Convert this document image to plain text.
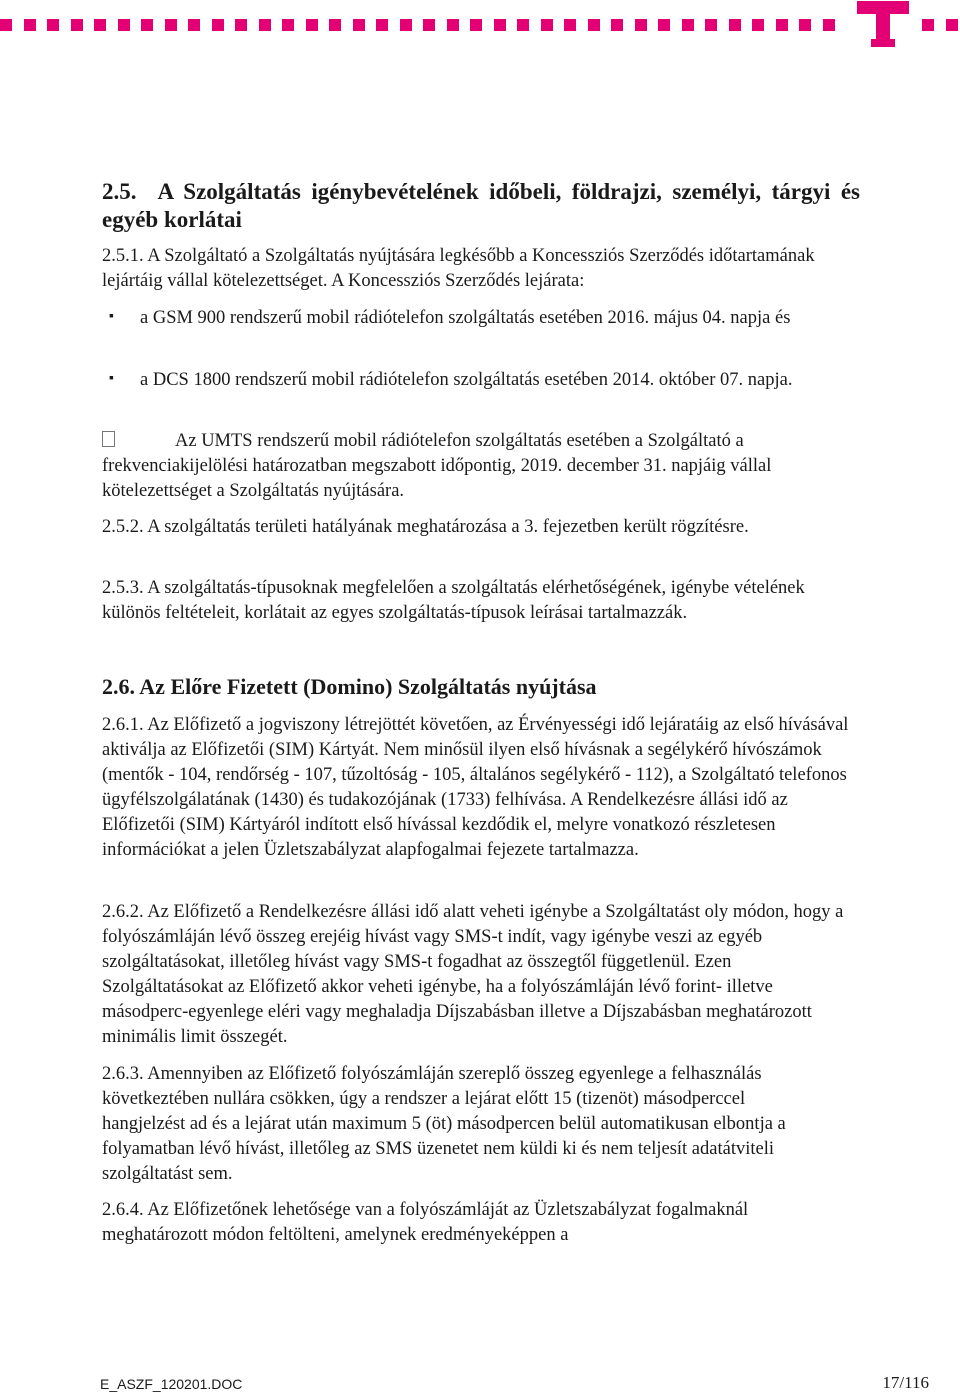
2.5. A Szolgáltatás igénybevételének időbeli, földrajzi, személyi, tárgyi és egyéb korlátai

2.5.1. A Szolgáltató a Szolgáltatás nyújtására legkésőbb a Koncessziós Szerződés időtartamának lejártáig vállal kötelezettséget. A Koncessziós Szerződés lejárata:

▪ a GSM 900 rendszerű mobil rádiótelefon szolgáltatás esetében 2016. május 04. napja és
▪ a DCS 1800 rendszerű mobil rádiótelefon szolgáltatás esetében 2014. október 07. napja.

Az UMTS rendszerű mobil rádiótelefon szolgáltatás esetében a Szolgáltató a frekvenciakijelölési határozatban megszabott időpontig, 2019. december 31. napjáig vállal kötelezettséget a Szolgáltatás nyújtására.

2.5.2. A szolgáltatás területi hatályának meghatározása a 3. fejezetben került rögzítésre.

2.5.3. A szolgáltatás-típusoknak megfelelően a szolgáltatás elérhetőségének, igénybe vételének különös feltételeit, korlátait az egyes szolgáltatás-típusok leírásai tartalmazzák.

2.6. Az Előre Fizetett (Domino) Szolgáltatás nyújtása

2.6.1. Az Előfizető a jogviszony létrejöttét követően, az Érvényességi idő lejáratáig az első hívásával aktiválja az Előfizetői (SIM) Kártyát. Nem minősül ilyen első hívásnak a segélykérő hívószámok (mentők - 104, rendőrség - 107, tűzoltóság - 105, általános segélykérő - 112), a Szolgáltató telefonos ügyfélszolgálatának (1430) és tudakozójának (1733) felhívása. A Rendelkezésre állási idő az Előfizetői (SIM) Kártyáról indított első hívással kezdődik el, melyre vonatkozó részletesen információkat a jelen Üzletszabályzat alapfogalmai fejezete tartalmazza.

2.6.2. Az Előfizető a Rendelkezésre állási idő alatt veheti igénybe a Szolgáltatást oly módon, hogy a folyószámláján lévő összeg erejéig hívást vagy SMS-t indít, vagy igénybe veszi az egyéb szolgáltatásokat, illetőleg hívást vagy SMS-t fogadhat az összegtől függetlenül. Ezen Szolgáltatásokat az Előfizető akkor veheti igénybe, ha a folyószámláján lévő forint- illetve másodperc-egyenlege eléri vagy meghaladja Díjszabásban illetve a Díjszabásban meghatározott minimális limit összegét.

2.6.3. Amennyiben az Előfizető folyószámláján szereplő összeg egyenlege a felhasználás következtében nullára csökken, úgy a rendszer a lejárat előtt 15 (tizenöt) másodperccel hangjelzést ad és a lejárat után maximum 5 (öt) másodpercen belül automatikusan elbontja a folyamatban lévő hívást, illetőleg az SMS üzenetet nem küldi ki és nem teljesít adatátviteli szolgáltatást sem.

2.6.4. Az Előfizetőnek lehetősége van a folyószámláját az Üzletszabályzat fogalmaknál meghatározott módon feltölteni, amelynek eredményeképpen a

E_ASZF_120201.DOC	17/116
